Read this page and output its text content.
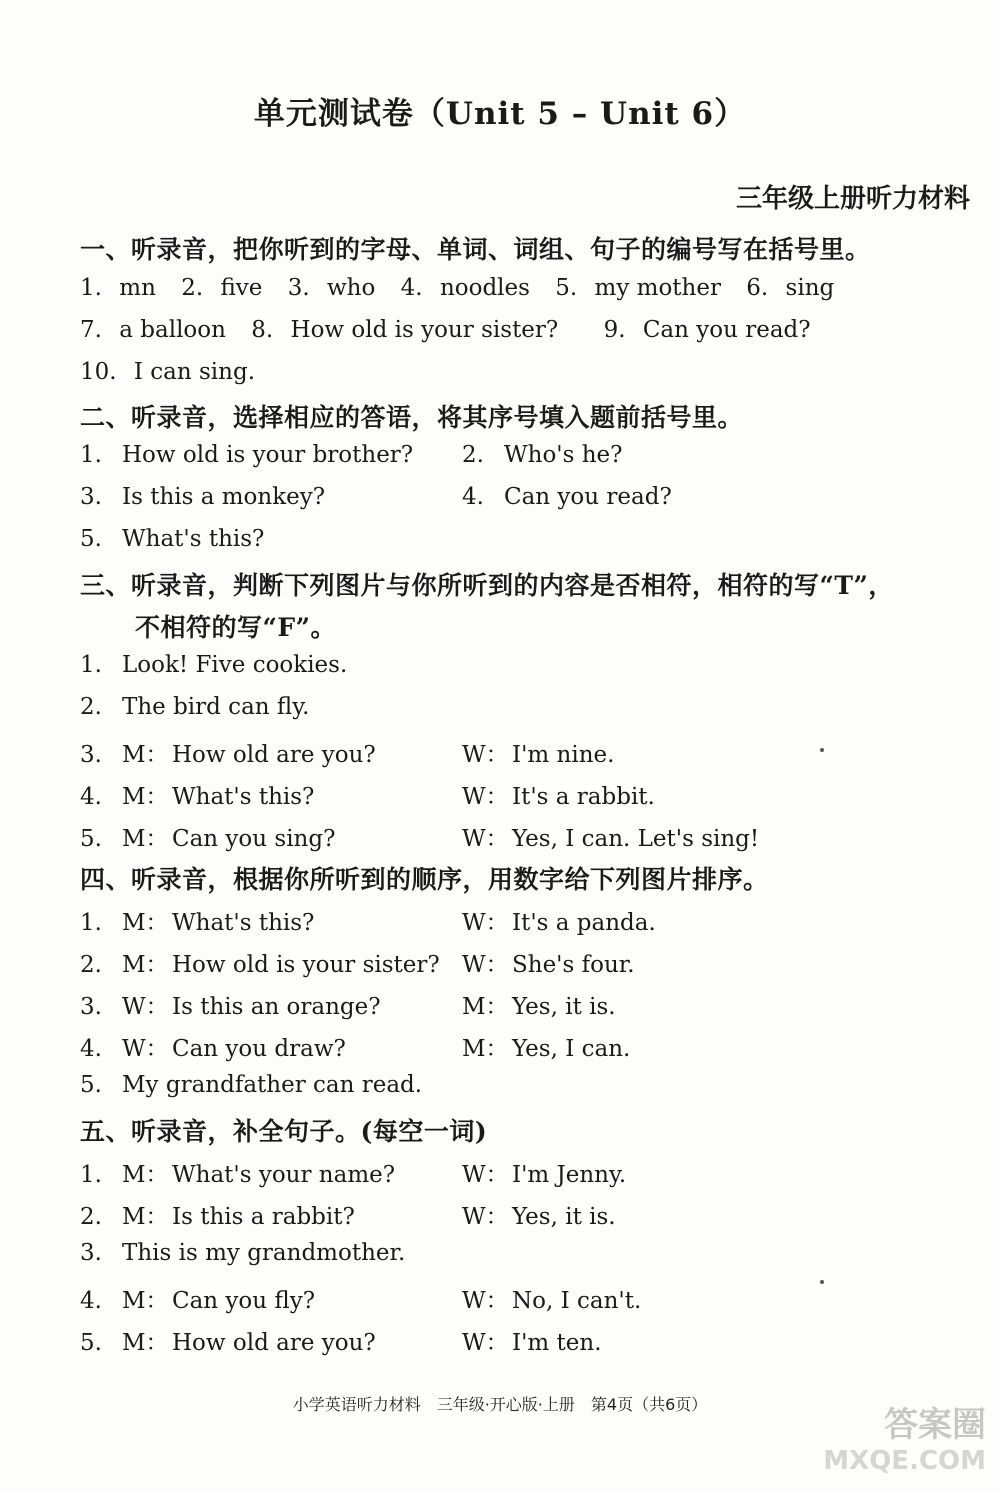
单元测试卷（Unit 5 – Unit 6）
三年级上册听力材料
一、听录音，把你听到的字母、单词、词组、句子的编号写在括号里。
1. mn 2. five 3. who 4. noodles 5. my mother 6. sing
7. a balloon 8. How old is your sister? 9. Can you read?
10. I can sing.
二、听录音，选择相应的答语，将其序号填入题前括号里。
1. How old is your brother? 2. Who's he?
3. Is this a monkey?	4. Can you read?
5. What's this?
三、听录音，判断下列图片与你所听到的内容是否相符，相符的写“T”，
不相符的写“F”。
1. Look! Five cookies.
2. The bird can fly.
3. M： How old are you?	W： I'm nine.
4. M： What's this?	W： It's a rabbit.
5. M： Can you sing?	W： Yes, I can. Let's sing!
四、听录音，根据你所听到的顺序，用数字给下列图片排序。
1. M： What's this?	W： It's a panda.
2. M： How old is your sister? W： She's four.
3. W： Is this an orange?	M： Yes, it is.
4. W： Can you draw?	M： Yes, I can.
5. My grandfather can read.
五、听录音，补全句子。(每空一词)
1. M： What's your name?	W： I'm Jenny.
2. M： Is this a rabbit?	W： Yes, it is.
3. This is my grandmother.
4. M： Can you fly?	W： No, I can't.
5. M： How old are you?	W： I'm ten.
小学英语听力材料　三年级·开心版·上册　第4页（共6页）
答案圈
MXQE.COM
